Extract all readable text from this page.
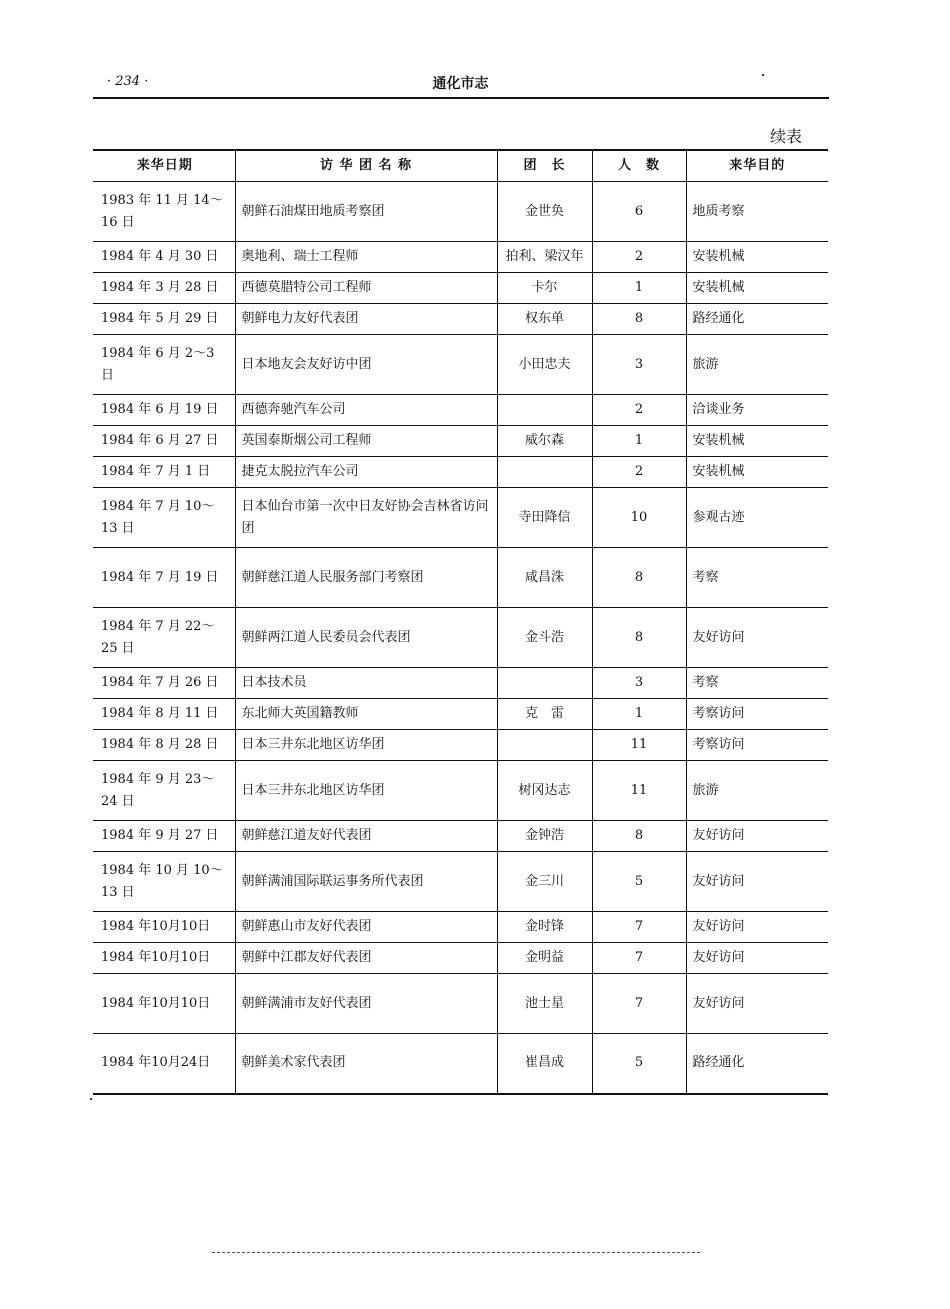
· 234 ·	通化市志
续表
来华日期	访 华 团 名 称	团　长	人　数	来华目的
1983 年 11 月 14～16 日	朝鲜石油煤田地质考察团	金世奂	6	地质考察
1984 年 4 月 30 日	奥地利、瑞士工程师	拍利、梁汉年	2	安装机械
1984 年 3 月 28 日	西德莫腊特公司工程师	卡尔	1	安装机械
1984 年 5 月 29 日	朝鲜电力友好代表团	权东单	8	路经通化
1984 年 6 月 2～3 日	日本地友会友好访中团	小田忠夫	3	旅游
1984 年 6 月 19 日	西德奔驰汽车公司		2	洽谈业务
1984 年 6 月 27 日	英国泰斯烟公司工程师	威尔森	1	安装机械
1984 年 7 月 1 日	捷克太脱拉汽车公司		2	安装机械
1984 年 7 月 10～13 日	日本仙台市第一次中日友好协会吉林省访问团	寺田降信	10	参观古迹
1984 年 7 月 19 日	朝鲜慈江道人民服务部门考察团	咸昌洙	8	考察
1984 年 7 月 22～25 日	朝鲜两江道人民委员会代表团	金斗浩	8	友好访问
1984 年 7 月 26 日	日本技术员		3	考察
1984 年 8 月 11 日	东北师大英国籍教师	克　雷	1	考察访问
1984 年 8 月 28 日	日本三井东北地区访华团		11	考察访问
1984 年 9 月 23～24 日	日本三井东北地区访华团	树冈达志	11	旅游
1984 年 9 月 27 日	朝鲜慈江道友好代表团	金钟浩	8	友好访问
1984 年 10 月 10～13 日	朝鲜满浦国际联运事务所代表团	金三川	5	友好访问
1984 年10月10日	朝鲜惠山市友好代表团	金时锋	7	友好访问
1984 年10月10日	朝鲜中江郡友好代表团	金明益	7	友好访问
1984 年10月10日	朝鲜满浦市友好代表团	池士星	7	友好访问
1984 年10月24日	朝鲜美术家代表团	崔昌成	5	路经通化
